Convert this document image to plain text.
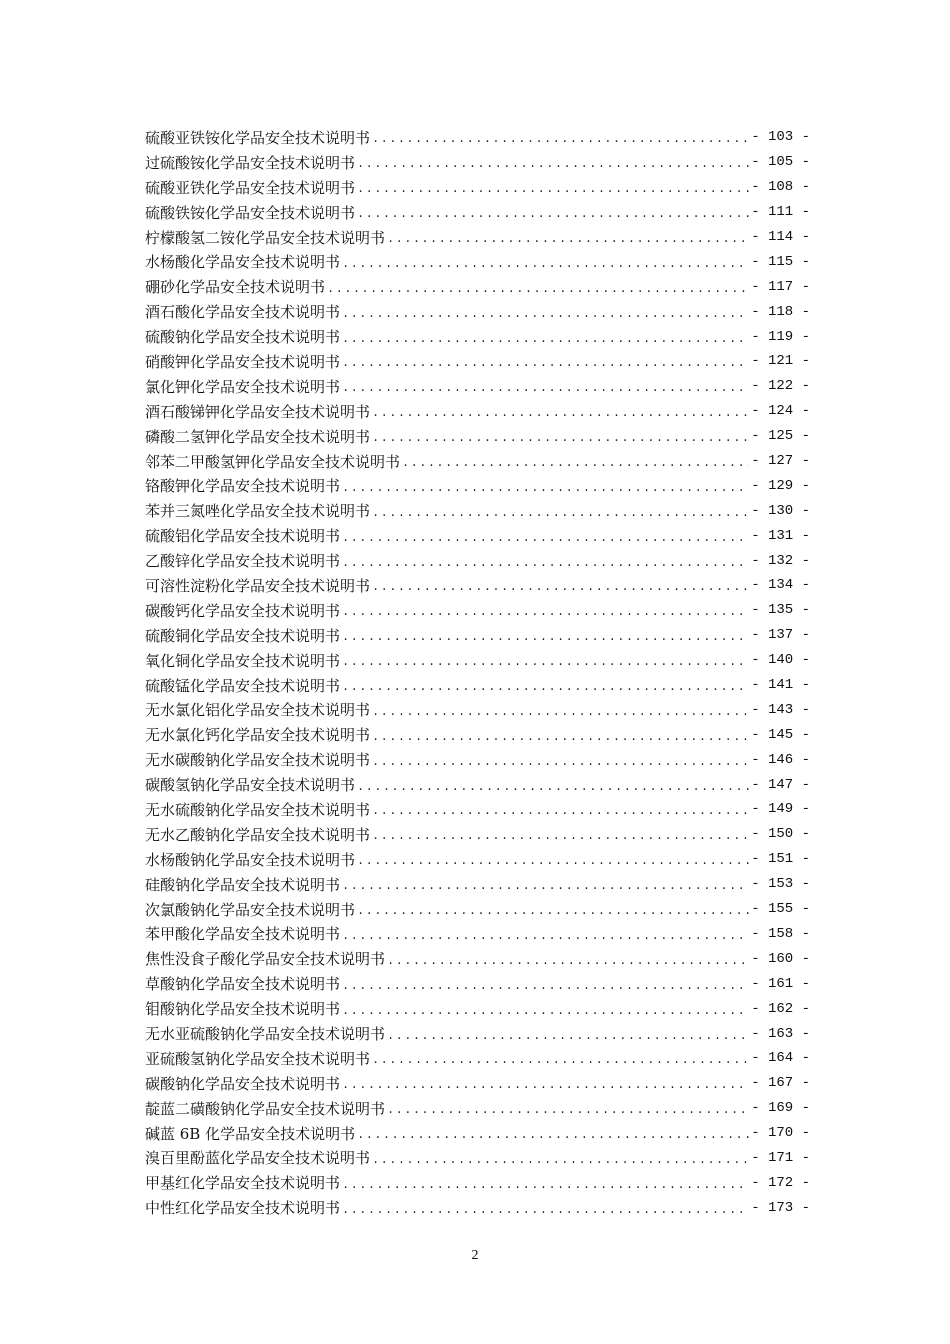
硫酸亚铁铵化学品安全技术说明书 .....	- 103 -
过硫酸铵化学品安全技术说明书 .....	- 105 -
硫酸亚铁化学品安全技术说明书 .....	- 108 -
硫酸铁铵化学品安全技术说明书 .....	- 111 -
柠檬酸氢二铵化学品安全技术说明书 .....	- 114 -
水杨酸化学品安全技术说明书 .....	- 115 -
硼砂化学品安全技术说明书 .....	- 117 -
酒石酸化学品安全技术说明书 .....	- 118 -
硫酸钠化学品安全技术说明书 .....	- 119 -
硝酸钾化学品安全技术说明书 .....	- 121 -
氯化钾化学品安全技术说明书 .....	- 122 -
酒石酸锑钾化学品安全技术说明书 .....	- 124 -
磷酸二氢钾化学品安全技术说明书 .....	- 125 -
邻苯二甲酸氢钾化学品安全技术说明书 .....	- 127 -
铬酸钾化学品安全技术说明书 .....	- 129 -
苯并三氮唑化学品安全技术说明书 .....	- 130 -
硫酸铝化学品安全技术说明书 .....	- 131 -
乙酸锌化学品安全技术说明书 .....	- 132 -
可溶性淀粉化学品安全技术说明书 .....	- 134 -
碳酸钙化学品安全技术说明书 .....	- 135 -
硫酸铜化学品安全技术说明书 .....	- 137 -
氧化铜化学品安全技术说明书 .....	- 140 -
硫酸锰化学品安全技术说明书 .....	- 141 -
无水氯化铝化学品安全技术说明书 .....	- 143 -
无水氯化钙化学品安全技术说明书 .....	- 145 -
无水碳酸钠化学品安全技术说明书 .....	- 146 -
碳酸氢钠化学品安全技术说明书 .....	- 147 -
无水硫酸钠化学品安全技术说明书 .....	- 149 -
无水乙酸钠化学品安全技术说明书 .....	- 150 -
水杨酸钠化学品安全技术说明书 .....	- 151 -
硅酸钠化学品安全技术说明书 .....	- 153 -
次氯酸钠化学品安全技术说明书 .....	- 155 -
苯甲酸化学品安全技术说明书 .....	- 158 -
焦性没食子酸化学品安全技术说明书 .....	- 160 -
草酸钠化学品安全技术说明书 .....	- 161 -
钼酸钠化学品安全技术说明书 .....	- 162 -
无水亚硫酸钠化学品安全技术说明书 .....	- 163 -
亚硫酸氢钠化学品安全技术说明书 .....	- 164 -
碳酸钠化学品安全技术说明书 .....	- 167 -
靛蓝二磺酸钠化学品安全技术说明书 .....	- 169 -
碱蓝 6B 化学品安全技术说明书 .....	- 170 -
溴百里酚蓝化学品安全技术说明书 .....	- 171 -
甲基红化学品安全技术说明书 .....	- 172 -
中性红化学品安全技术说明书 .....	- 173 -
2
